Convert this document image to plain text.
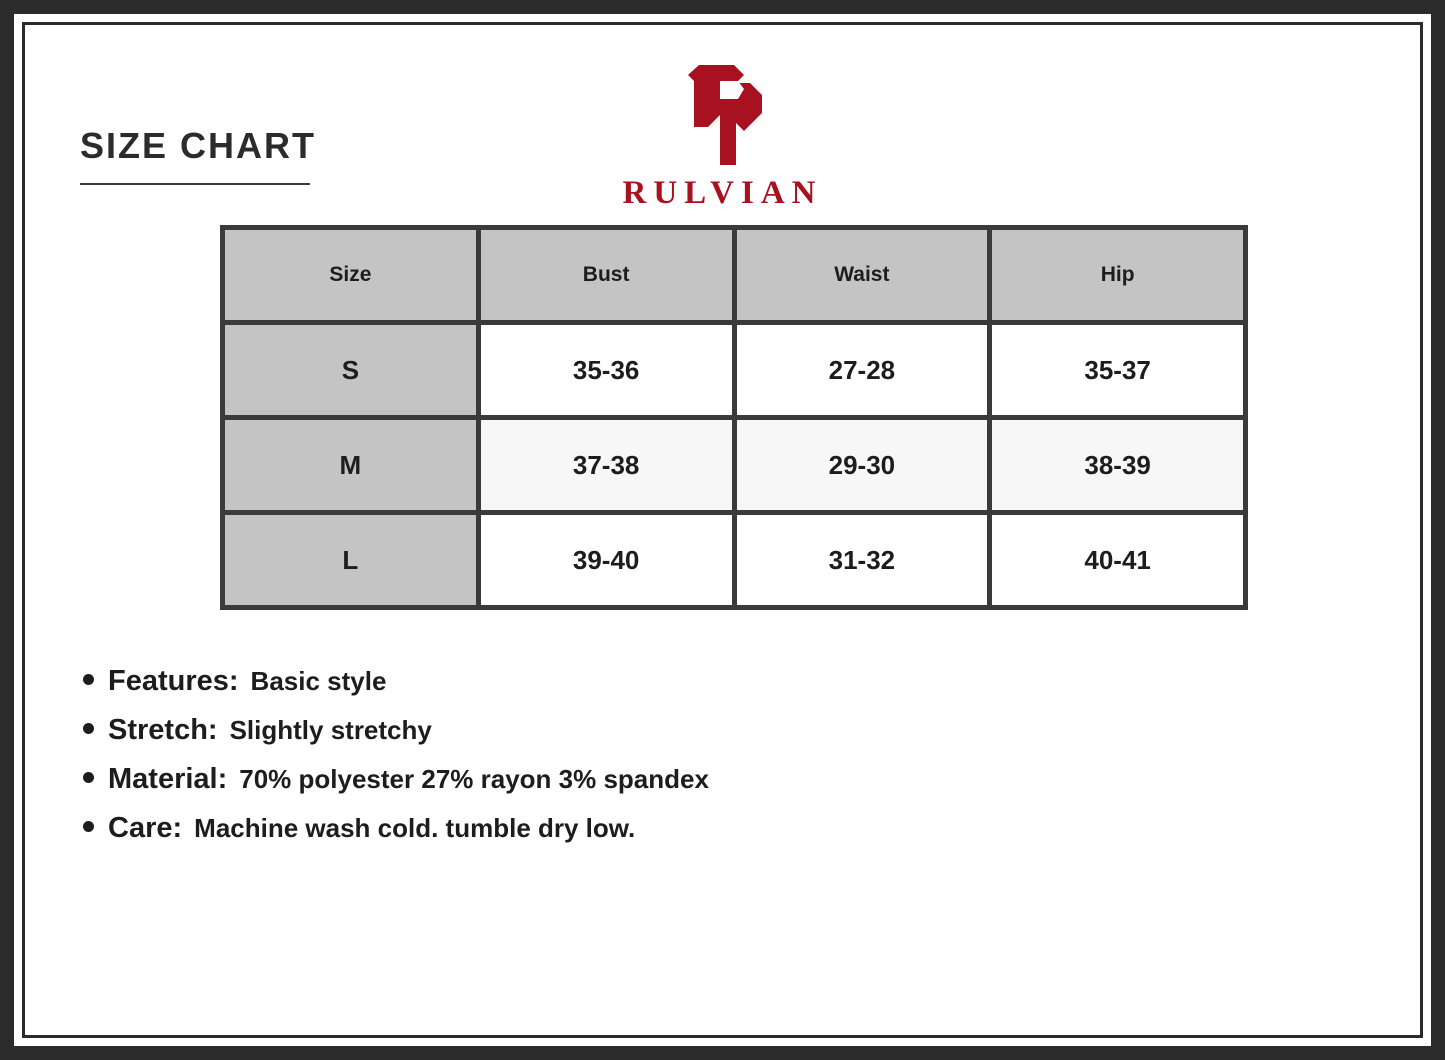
SIZE CHART
RULVIAN
Size	Bust	Waist	Hip
S	35-36	27-28	35-37
M	37-38	29-30	38-39
L	39-40	31-32	40-41
Features: Basic style
Stretch: Slightly stretchy
Material: 70% polyester 27% rayon 3% spandex
Care: Machine wash cold. tumble dry low.
